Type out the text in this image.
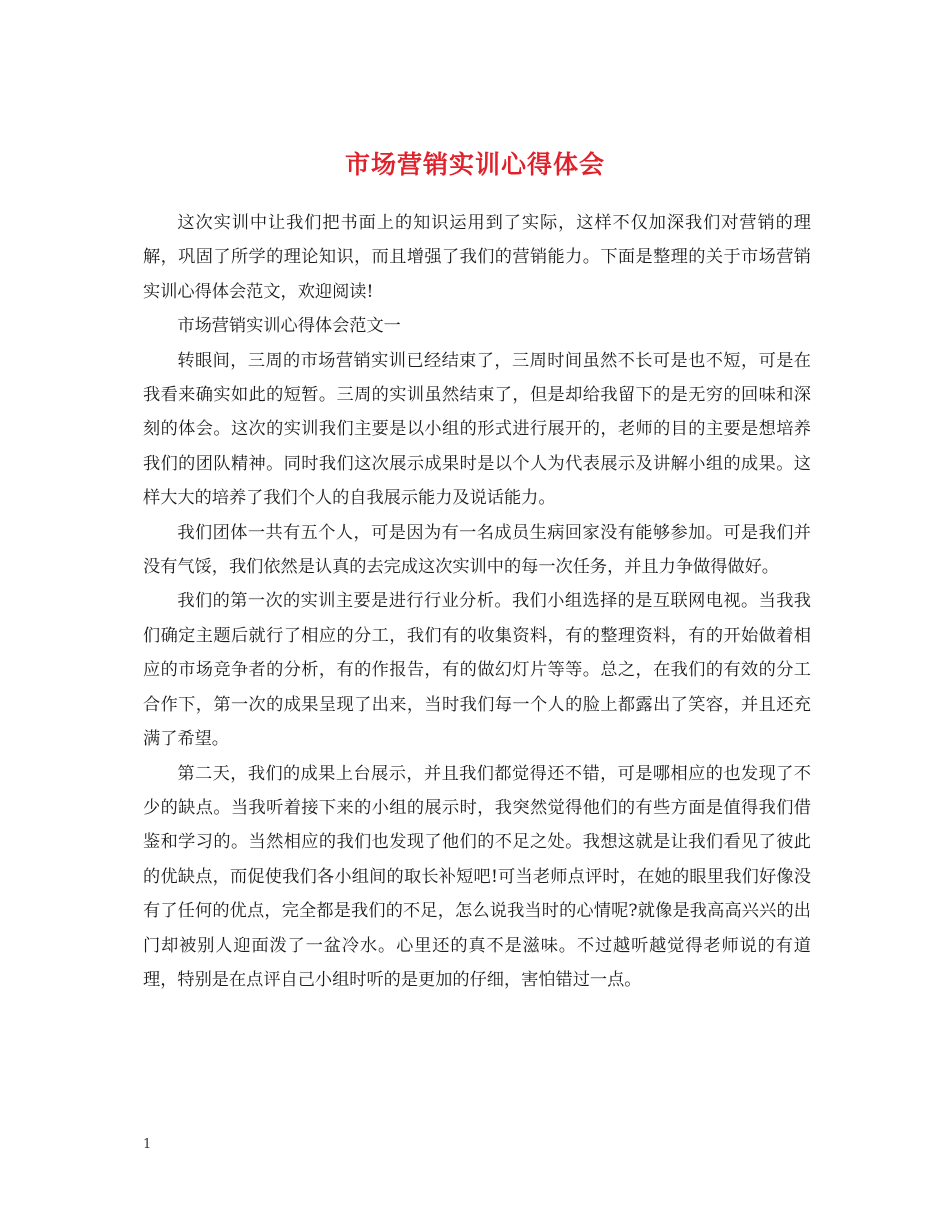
市场营销实训心得体会

这次实训中让我们把书面上的知识运用到了实际，这样不仅加深我们对营销的理解，巩固了所学的理论知识，而且增强了我们的营销能力。下面是整理的关于市场营销实训心得体会范文，欢迎阅读!

市场营销实训心得体会范文一

转眼间，三周的市场营销实训已经结束了，三周时间虽然不长可是也不短，可是在我看来确实如此的短暂。三周的实训虽然结束了，但是却给我留下的是无穷的回味和深刻的体会。这次的实训我们主要是以小组的形式进行展开的，老师的目的主要是想培养我们的团队精神。同时我们这次展示成果时是以个人为代表展示及讲解小组的成果。这样大大的培养了我们个人的自我展示能力及说话能力。

我们团体一共有五个人，可是因为有一名成员生病回家没有能够参加。可是我们并没有气馁，我们依然是认真的去完成这次实训中的每一次任务，并且力争做得做好。

我们的第一次的实训主要是进行行业分析。我们小组选择的是互联网电视。当我我们确定主题后就行了相应的分工，我们有的收集资料，有的整理资料，有的开始做着相应的市场竞争者的分析，有的作报告，有的做幻灯片等等。总之，在我们的有效的分工合作下，第一次的成果呈现了出来，当时我们每一个人的脸上都露出了笑容，并且还充满了希望。

第二天，我们的成果上台展示，并且我们都觉得还不错，可是哪相应的也发现了不少的缺点。当我听着接下来的小组的展示时，我突然觉得他们的有些方面是值得我们借鉴和学习的。当然相应的我们也发现了他们的不足之处。我想这就是让我们看见了彼此的优缺点，而促使我们各小组间的取长补短吧!可当老师点评时，在她的眼里我们好像没有了任何的优点，完全都是我们的不足，怎么说我当时的心情呢?就像是我高高兴兴的出门却被别人迎面泼了一盆冷水。心里还的真不是滋味。不过越听越觉得老师说的有道理，特别是在点评自己小组时听的是更加的仔细，害怕错过一点。

1
